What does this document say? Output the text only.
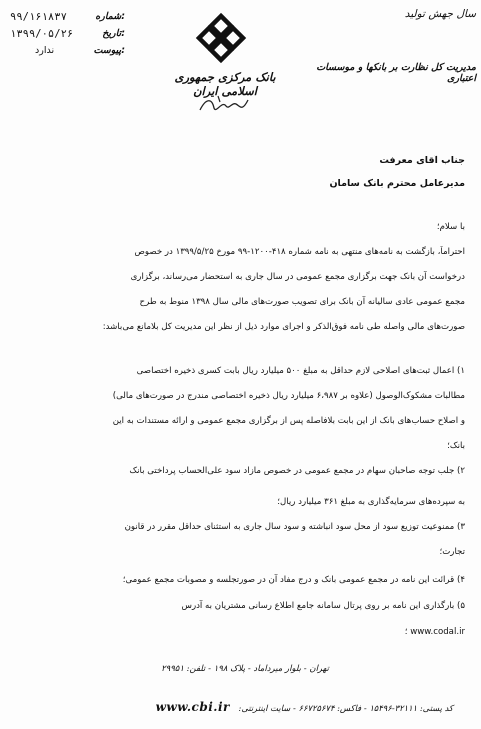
۹۹/۱۶۱۸۳۷	شماره:
۱۳۹۹/۰۵/۲۶	تاریخ:
ندارد	پیوست:
بانک مرکزی جمهوری اسلامی ایران
سال جهش تولید
مدیریت کل نظارت بر بانکها و موسسات اعتباری
جناب آقای معرفت
مدیرعامل محترم بانک سامان
با سلام؛
احتراماً، بازگشت به نامه‌های منتهی به نامه شماره ۴۱۸-۱۲۰۰-۹۹ مورخ ۱۳۹۹/۵/۲۵ در خصوص
درخواست آن بانک جهت برگزاری مجمع عمومی در سال جاری به استحضار می‌رساند، برگزاری
مجمع عمومی عادی سالیانه آن بانک برای تصویب صورت‌های مالی سال ۱۳۹۸ منوط به طرح
صورت‌های مالی واصله طی نامه فوق‌الذکر و اجرای موارد ذیل از نظر این مدیریت کل بلامانع می‌باشد:
۱) اعمال ثبت‌های اصلاحی لازم حداقل به مبلغ ۵۰۰ میلیارد ریال بابت کسری ذخیره اختصاصی
مطالبات مشکوک‌الوصول (علاوه بر ۶،۹۸۷ میلیارد ریال ذخیره اختصاصی مندرج در صورت‌های مالی)
و اصلاح حساب‌های بانک از این بابت بلافاصله پس از برگزاری مجمع عمومی و ارائه مستندات به این
بانک؛
۲) جلب توجه صاحبان سهام در مجمع عمومی در خصوص مازاد سود علی‌الحساب پرداختی بانک
به سپرده‌های سرمایه‌گذاری به مبلغ ۳۶۱ میلیارد ریال؛
۳) ممنوعیت توزیع سود از محل سود انباشته و سود سال جاری به استثنای حداقل مقرر در قانون
تجارت؛
۴) قرائت این نامه در مجمع عمومی بانک و درج مفاد آن در صورتجلسه و مصوبات مجمع عمومی؛
۵) بارگذاری این نامه بر روی پرتال سامانه جامع اطلاع رسانی مشتریان به آدرس
www.codal.ir ؛
تهران - بلوار میرداماد - پلاک ۱۹۸ - تلفن: ۲۹۹۵۱
کد پستی: ۳۲۱۱۱-۱۵۴۹۶ - فاکس: ۶۶۷۲۵۶۷۴ - سایت اینترنتی: www.cbi.ir
